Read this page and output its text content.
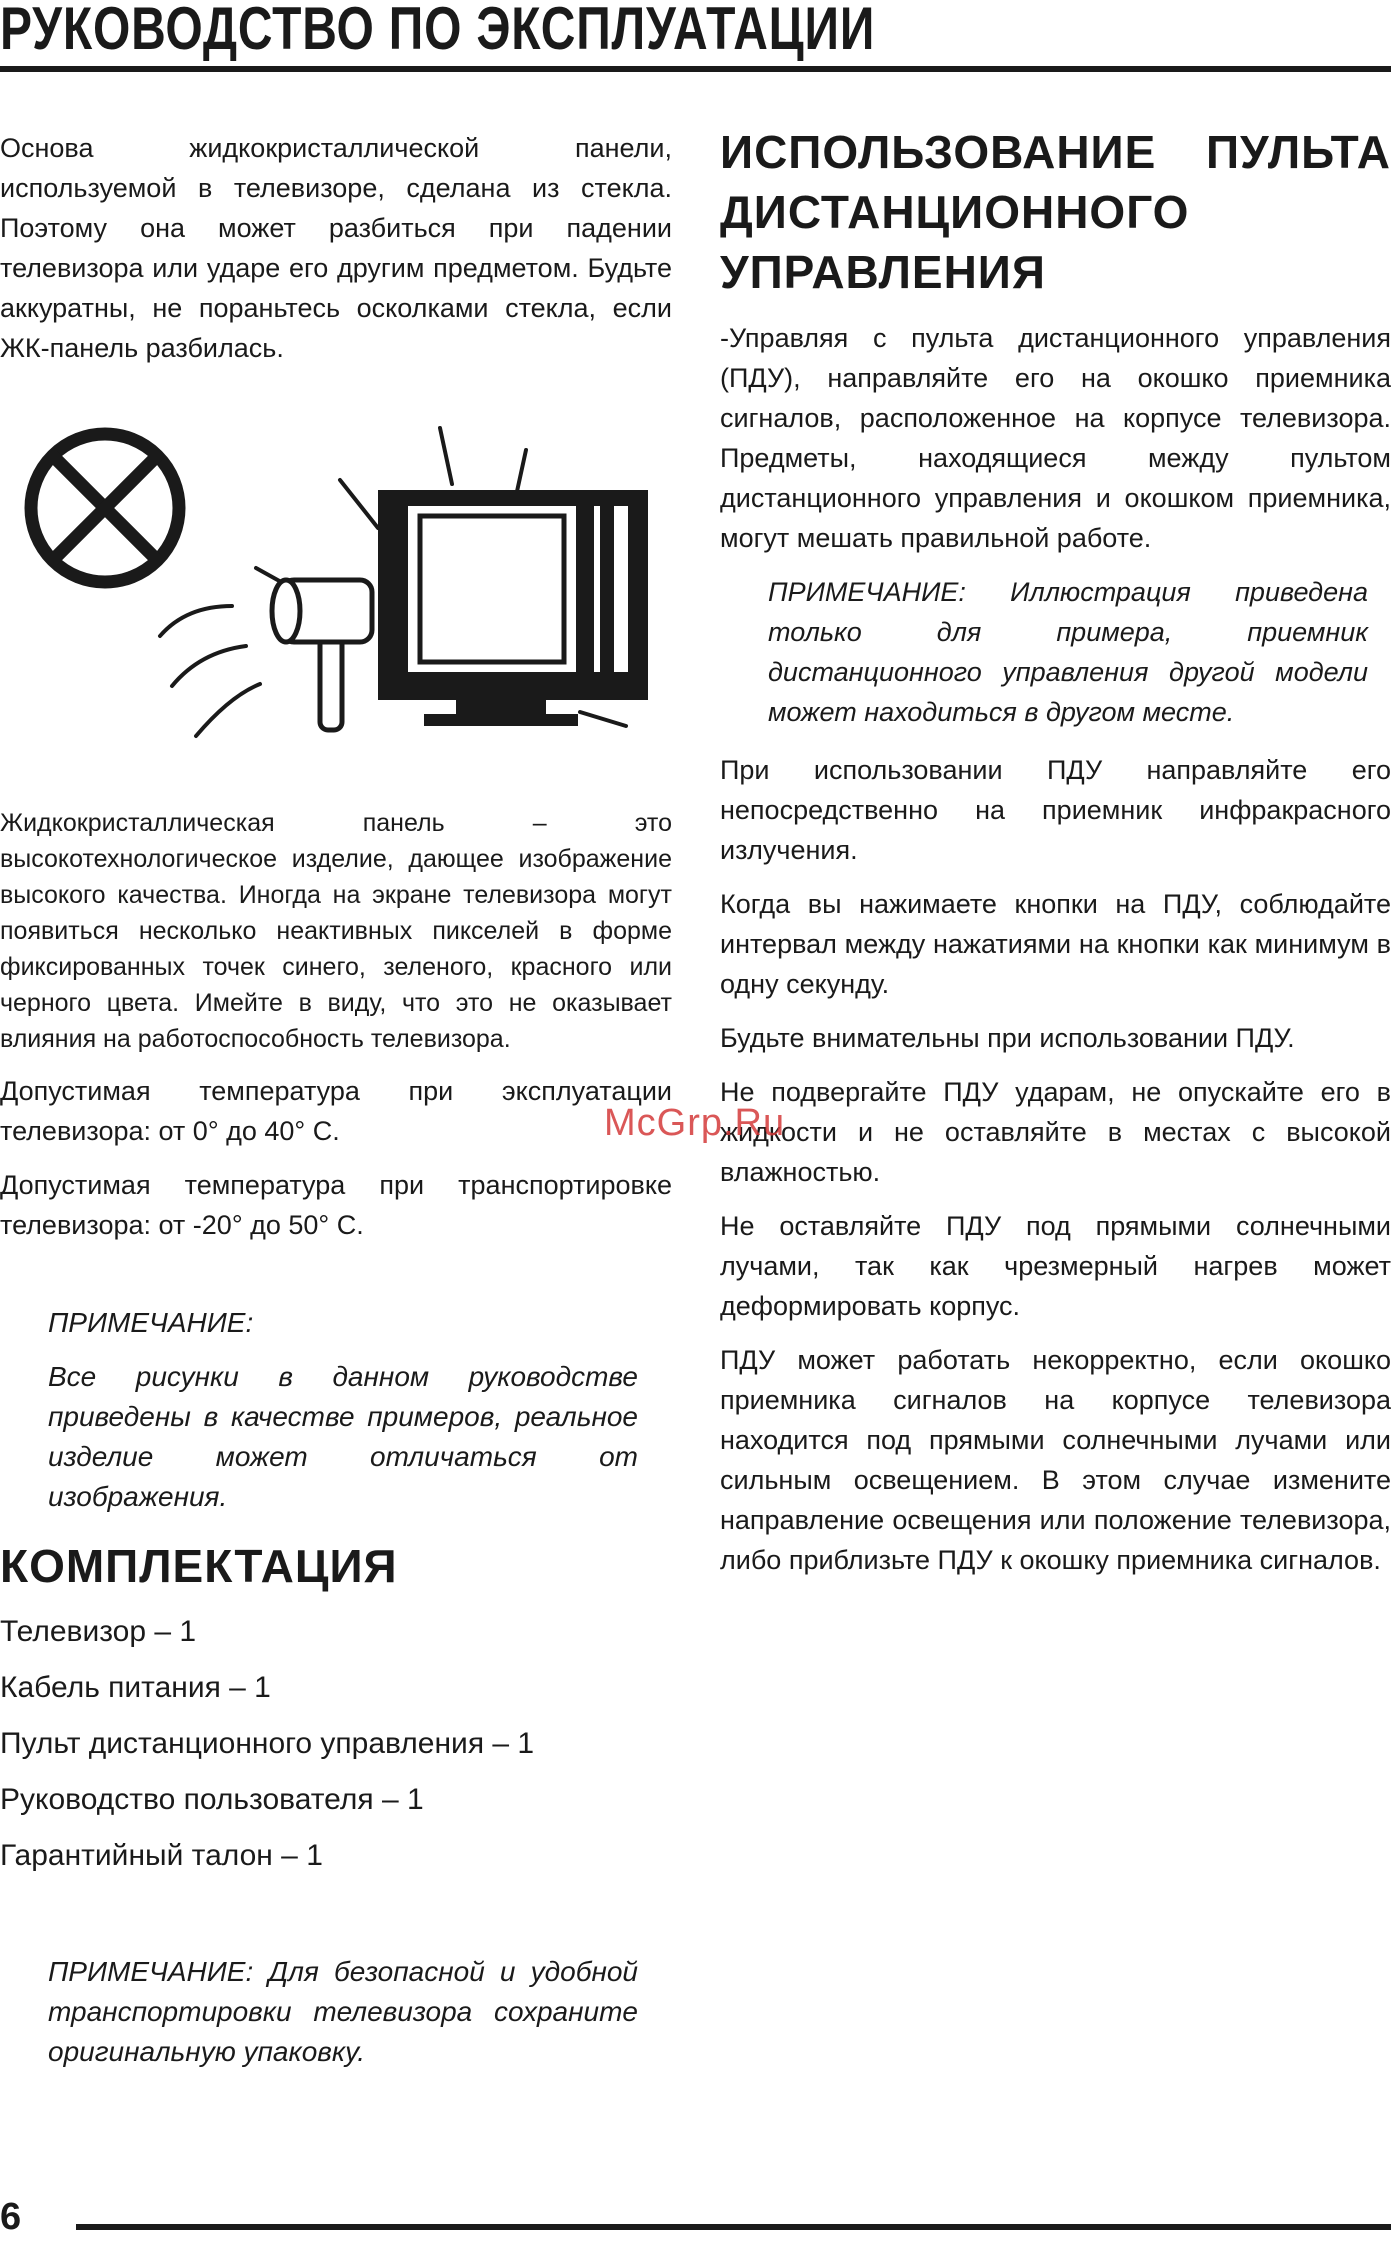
РУКОВОДСТВО ПО ЭКСПЛУАТАЦИИ

Основа жидкокристаллической панели, используемой в телевизоре, сделана из стекла. Поэтому она может разбиться при падении телевизора или ударе его другим предметом. Будьте аккуратны, не пораньтесь осколками стекла, если ЖК-панель разбилась.

Жидкокристаллическая панель – это высокотехнологическое изделие, дающее изображение высокого качества. Иногда на экране телевизора могут появиться несколько неактивных пикселей в форме фиксированных точек синего, зеленого, красного или черного цвета. Имейте в виду, что это не оказывает влияния на работоспособность телевизора.

Допустимая температура при эксплуатации телевизора: от 0° до 40° С.

Допустимая температура при транспортировке телевизора: от -20° до 50° С.

ПРИМЕЧАНИЕ:

Все рисунки в данном руководстве приведены в качестве примеров, реальное изделие может отличаться от изображения.

ИСПОЛЬЗОВАНИЕ ПУЛЬТА ДИСТАНЦИОННОГО УПРАВЛЕНИЯ

-Управляя с пульта дистанционного управления (ПДУ), направляйте его на окошко приемника сигналов, расположенное на корпусе телевизора. Предметы, находящиеся между пультом дистанционного управления и окошком приемника, могут мешать правильной работе.

ПРИМЕЧАНИЕ: Иллюстрация приведена только для примера, приемник дистанционного управления другой модели может находиться в другом месте.

При использовании ПДУ направляйте его непосредственно на приемник инфракрасного излучения.

Когда вы нажимаете кнопки на ПДУ, соблюдайте интервал между нажатиями на кнопки как минимум в одну секунду.

Будьте внимательны при использовании ПДУ.

Не подвергайте ПДУ ударам, не опускайте его в жидкости и не оставляйте в местах с высокой влажностью.

Не оставляйте ПДУ под прямыми солнечными лучами, так как чрезмерный нагрев может деформировать корпус.

ПДУ может работать некорректно, если окошко приемника сигналов на корпусе телевизора находится под прямыми солнечными лучами или сильным освещением. В этом случае измените направление освещения или положение телевизора, либо приблизьте ПДУ к окошку приемника сигналов.

McGrp.Ru
КОМПЛЕКТАЦИЯ
Телевизор – 1
Кабель питания – 1
Пульт дистанционного управления – 1
Руководство пользователя – 1
Гарантийный талон – 1

ПРИМЕЧАНИЕ: Для безопасной и удобной транспортировки телевизора сохраните оригинальную упаковку.

6
